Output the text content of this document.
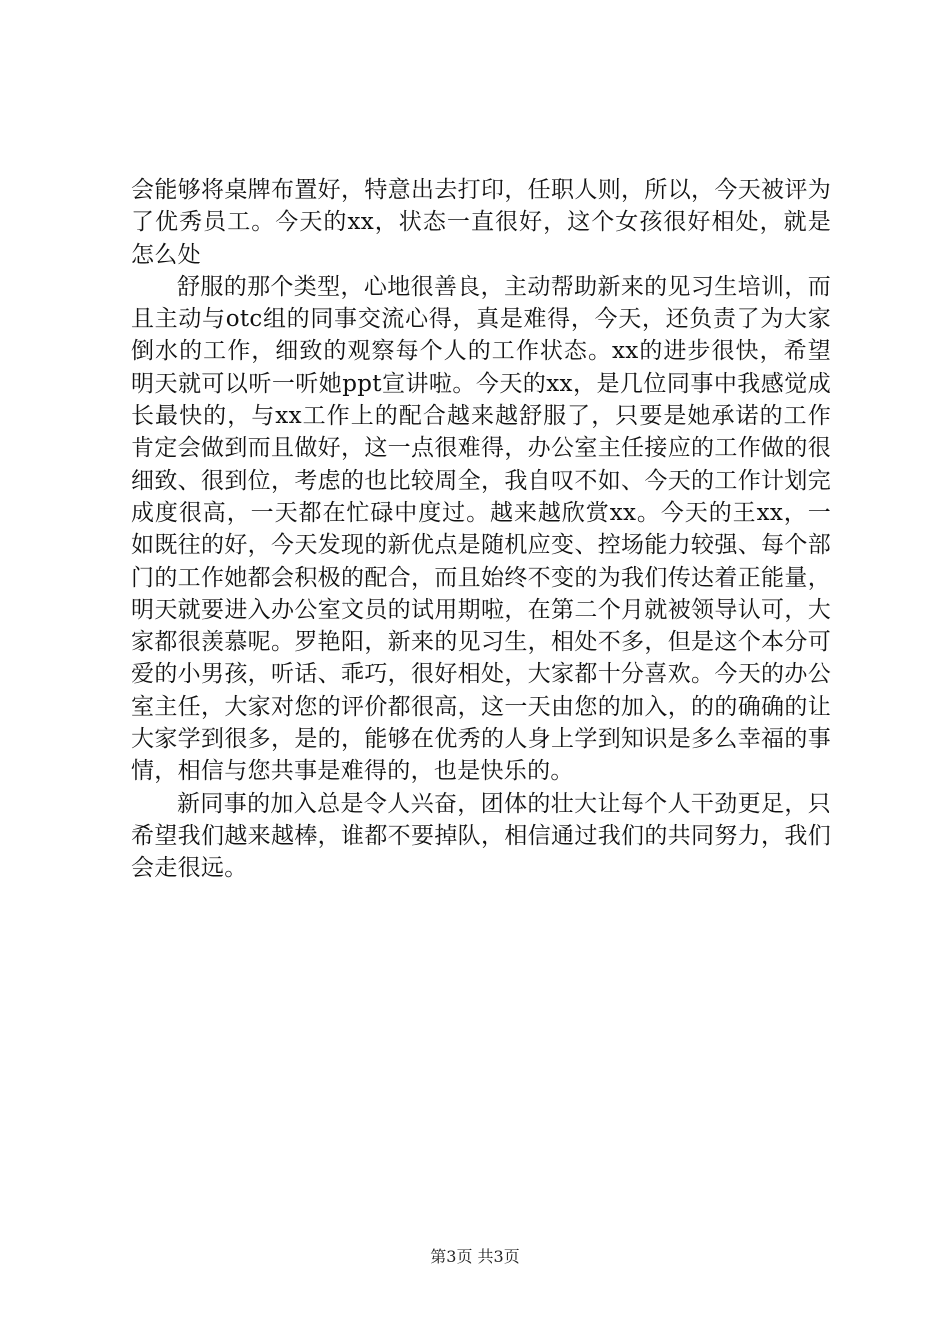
会能够将桌牌布置好，特意出去打印，任职人则，所以，今天被评为了优秀员工。今天的xx，状态一直很好，这个女孩很好相处，就是怎么处

舒服的那个类型，心地很善良，主动帮助新来的见习生培训，而且主动与otc组的同事交流心得，真是难得，今天，还负责了为大家倒水的工作，细致的观察每个人的工作状态。xx的进步很快，希望明天就可以听一听她ppt宣讲啦。今天的xx，是几位同事中我感觉成长最快的，与xx工作上的配合越来越舒服了，只要是她承诺的工作肯定会做到而且做好，这一点很难得，办公室主任接应的工作做的很细致、很到位，考虑的也比较周全，我自叹不如、今天的工作计划完成度很高，一天都在忙碌中度过。越来越欣赏xx。今天的王xx，一如既往的好，今天发现的新优点是随机应变、控场能力较强、每个部门的工作她都会积极的配合，而且始终不变的为我们传达着正能量，明天就要进入办公室文员的试用期啦，在第二个月就被领导认可，大家都很羡慕呢。罗艳阳，新来的见习生，相处不多，但是这个本分可爱的小男孩，听话、乖巧，很好相处，大家都十分喜欢。今天的办公室主任，大家对您的评价都很高，这一天由您的加入，的的确确的让大家学到很多，是的，能够在优秀的人身上学到知识是多么幸福的事情，相信与您共事是难得的，也是快乐的。

新同事的加入总是令人兴奋，团体的壮大让每个人干劲更足，只希望我们越来越棒，谁都不要掉队，相信通过我们的共同努力，我们会走很远。

第3页 共3页
